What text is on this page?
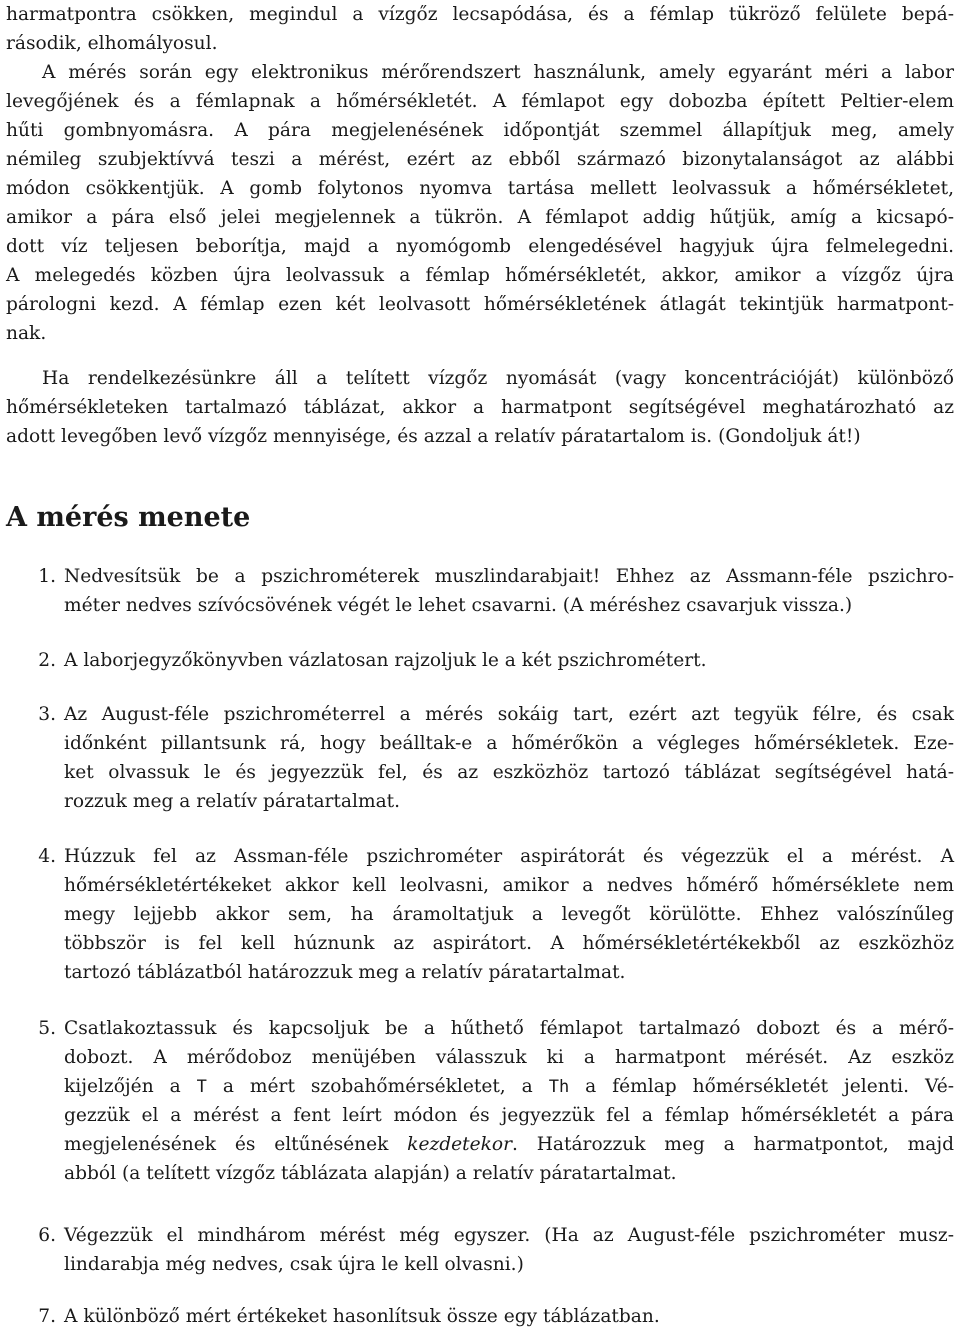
harmatpontra csökken, megindul a vízgőz lecsapódása, és a fémlap tükröző felülete bepá-
rásodik, elhomályosul.
A mérés során egy elektronikus mérőrendszert használunk, amely egyaránt méri a labor
levegőjének és a fémlapnak a hőmérsékletét. A fémlapot egy dobozba épített Peltier-elem
hűti gombnyomásra. A pára megjelenésének időpontját szemmel állapítjuk meg, amely
némileg szubjektívvá teszi a mérést, ezért az ebből származó bizonytalanságot az alábbi
módon csökkentjük. A gomb folytonos nyomva tartása mellett leolvassuk a hőmérsékletet,
amikor a pára első jelei megjelennek a tükrön. A fémlapot addig hűtjük, amíg a kicsapó-
dott víz teljesen beborítja, majd a nyomógomb elengedésével hagyjuk újra felmelegedni.
A melegedés közben újra leolvassuk a fémlap hőmérsékletét, akkor, amikor a vízgőz újra
párologni kezd. A fémlap ezen két leolvasott hőmérsékletének átlagát tekintjük harmatpont-
nak.
Ha rendelkezésünkre áll a telített vízgőz nyomását (vagy koncentrációját) különböző
hőmérsékleteken tartalmazó táblázat, akkor a harmatpont segítségével meghatározható az
adott levegőben levő vízgőz mennyisége, és azzal a relatív páratartalom is. (Gondoljuk át!)
A mérés menete
1. Nedvesítsük be a pszichrométerek muszlindarabjait! Ehhez az Assmann-féle pszichro-
méter nedves szívócsövének végét le lehet csavarni. (A méréshez csavarjuk vissza.)
2. A laborjegyzőkönyvben vázlatosan rajzoljuk le a két pszichrométert.
3. Az August-féle pszichrométerrel a mérés sokáig tart, ezért azt tegyük félre, és csak
időnként pillantsunk rá, hogy beálltak-e a hőmérőkön a végleges hőmérsékletek. Eze-
ket olvassuk le és jegyezzük fel, és az eszközhöz tartozó táblázat segítségével hatá-
rozzuk meg a relatív páratartalmat.
4. Húzzuk fel az Assman-féle pszichrométer aspirátorát és végezzük el a mérést. A
hőmérsékletértékeket akkor kell leolvasni, amikor a nedves hőmérő hőmérséklete nem
megy lejjebb akkor sem, ha áramoltatjuk a levegőt körülötte. Ehhez valószínűleg
többször is fel kell húznunk az aspirátort. A hőmérsékletértékekből az eszközhöz
tartozó táblázatból határozzuk meg a relatív páratartalmat.
5. Csatlakoztassuk és kapcsoljuk be a hűthető fémlapot tartalmazó dobozt és a mérő-
dobozt. A mérődoboz menüjében válasszuk ki a harmatpont mérését. Az eszköz
kijelzőjén a T a mért szobahőmérsékletet, a Th a fémlap hőmérsékletét jelenti. Vé-
gezzük el a mérést a fent leírt módon és jegyezzük fel a fémlap hőmérsékletét a pára
megjelenésének és eltűnésének kezdetekor. Határozzuk meg a harmatpontot, majd
abból (a telített vízgőz táblázata alapján) a relatív páratartalmat.
6. Végezzük el mindhárom mérést még egyszer. (Ha az August-féle pszichrométer musz-
lindarabja még nedves, csak újra le kell olvasni.)
7. A különböző mért értékeket hasonlítsuk össze egy táblázatban.
